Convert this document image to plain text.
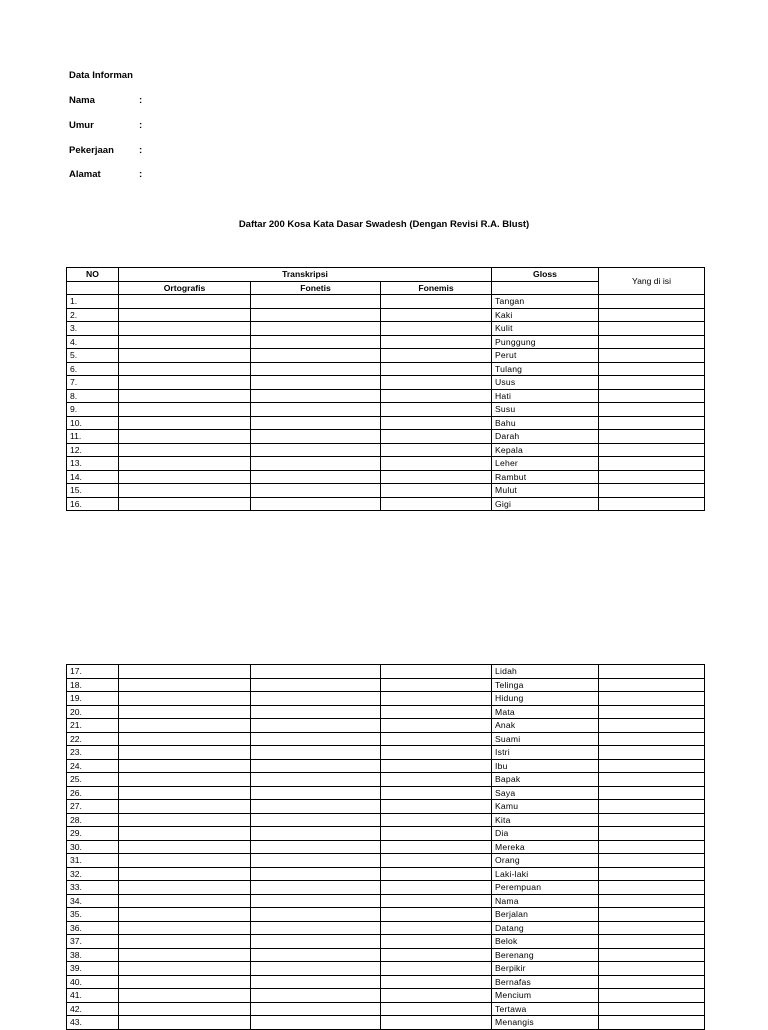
Data Informan
Nama	:
Umur	:
Pekerjaan	:
Alamat	:
Daftar 200 Kosa Kata Dasar Swadesh (Dengan Revisi R.A. Blust)
NO	Transkripsi			Gloss	Yang di isi
	Ortografis	Fonetis	Fonemis		
1.				Tangan	
2.				Kaki	
3.				Kulit	
4.				Punggung	
5.				Perut	
6.				Tulang	
7.				Usus	
8.				Hati	
9.				Susu	
10.				Bahu	
11.				Darah	
12.				Kepala	
13.				Leher	
14.				Rambut	
15.				Mulut	
16.				Gigi	
17.				Lidah	
18.				Telinga	
19.				Hidung	
20.				Mata	
21.				Anak	
22.				Suami	
23.				Istri	
24.				Ibu	
25.				Bapak	
26.				Saya	
27.				Kamu	
28.				Kita	
29.				Dia	
30.				Mereka	
31.				Orang	
32.				Laki-laki	
33.				Perempuan	
34.				Nama	
35.				Berjalan	
36.				Datang	
37.				Belok	
38.				Berenang	
39.				Berpikir	
40.				Bernafas	
41.				Mencium	
42.				Tertawa	
43.				Menangis	
